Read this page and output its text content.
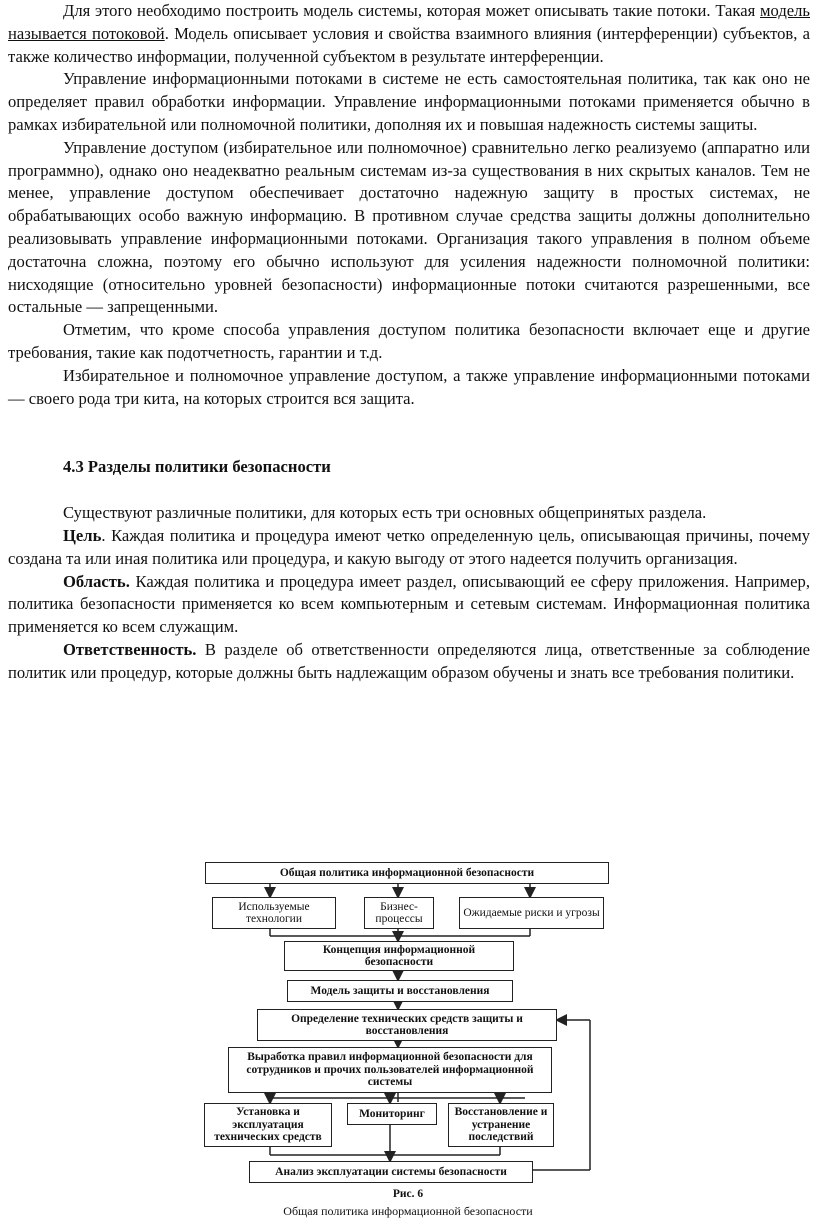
Для этого необходимо построить модель системы, которая может описывать такие потоки. Такая модель называется потоковой. Модель описывает условия и свойства взаимного влияния (интерференции) субъектов, а также количество информации, полученной субъектом в результате интерференции.

Управление информационными потоками в системе не есть самостоятельная политика, так как оно не определяет правил обработки информации. Управление информационными потоками применяется обычно в рамках избирательной или полномочной политики, дополняя их и повышая надежность системы защиты.

Управление доступом (избирательное или полномочное) сравнительно легко реализуемо (аппаратно или программно), однако оно неадекватно реальным системам из-за существования в них скрытых каналов. Тем не менее, управление доступом обеспечивает достаточно надежную защиту в простых системах, не обрабатывающих особо важную информацию. В противном случае средства защиты должны дополнительно реализовывать управление информационными потоками. Организация такого управления в полном объеме достаточна сложна, поэтому его обычно используют для усиления надежности полномочной политики: нисходящие (относительно уровней безопасности) информационные потоки считаются разрешенными, все остальные — запрещенными.

Отметим, что кроме способа управления доступом политика безопасности включает еще и другие требования, такие как подотчетность, гарантии и т.д.

Избирательное и полномочное управление доступом, а также управление информационными потоками — своего рода три кита, на которых строится вся защита.

4.3 Разделы политики безопасности

Существуют различные политики, для которых есть три основных общепринятых раздела.

Цель. Каждая политика и процедура имеют четко определенную цель, описывающая причины, почему создана та или иная политика или процедура, и какую выгоду от этого надеется получить организация.

Область. Каждая политика и процедура имеет раздел, описывающий ее сферу приложения. Например, политика безопасности применяется ко всем компьютерным и сетевым системам. Информационная политика применяется ко всем служащим.

Ответственность. В разделе об ответственности определяются лица, ответственные за соблюдение политик или процедур, которые должны быть надлежащим образом обучены и знать все требования политики.

Общая политика информационной безопасности
Используемые технологии
Бизнес-процессы
Ожидаемые риски и угрозы
Концепция информационной безопасности
Модель защиты и восстановления
Определение технических средств защиты и восстановления
Выработка правил информационной безопасности для сотрудников и прочих пользователей информационной системы
Установка и эксплуатация технических средств
Мониторинг	Восстановление и устранение последствий
Анализ эксплуатации системы безопасности
Рис. 6
Общая политика информационной безопасности
